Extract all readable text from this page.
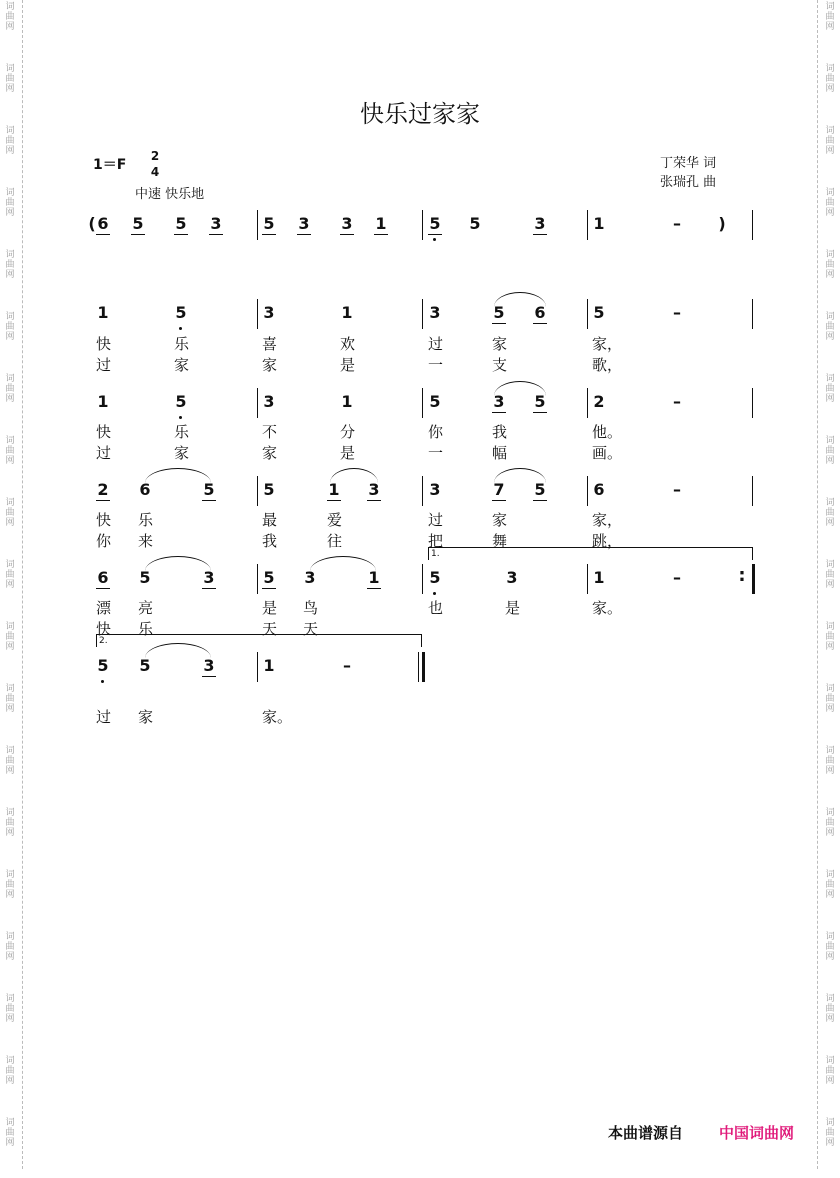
词
曲
网
词
曲
网
词
曲
网
词
曲
网
词
曲
网
词
曲
网
词
曲
网
词
曲
网
词
曲
网
词
曲
网
词
曲
网
词
曲
网
词
曲
网
词
曲
网
词
曲
网
词
曲
网
词
曲
网
词
曲
网
词
曲
网
词
曲
网
词
曲
网
词
曲
网
词
曲
网
词
曲
网
词
曲
网
词
曲
网
词
曲
网
词
曲
网
词
曲
网
词
曲
网
词
曲
网
词
曲
网
词
曲
网
词
曲
网
词
曲
网
词
曲
网
词
曲
网
词
曲
网
快乐过家家
1＝F
2
4
中速 快乐地
丁荣华 词
张瑞孔 曲
( 6 5 5 3	5 3 3 1	5 5	3	1	– )
1	5	3	1	3	5 6	5	–
快	乐	喜	欢	过	家	家，
过	家	家	是	一	支	歌，
1	5	3	1	5	3 5	2	–
快	乐	不	分	你	我	他。
过	家	家	是	一	幅	画。
2 6	5	5	1 3	3	7 5	6	–
快 乐	最	爱	过	家	家，
你 来	我	往	把	舞	跳，
1.
6 5	3	5 3	1	5	3	1	–	:
漂 亮	是 鸟	也	是	家。
快 乐	天 天
2.
5 5	3	1	–
过 家	家。
本曲谱源自 中国词曲网
